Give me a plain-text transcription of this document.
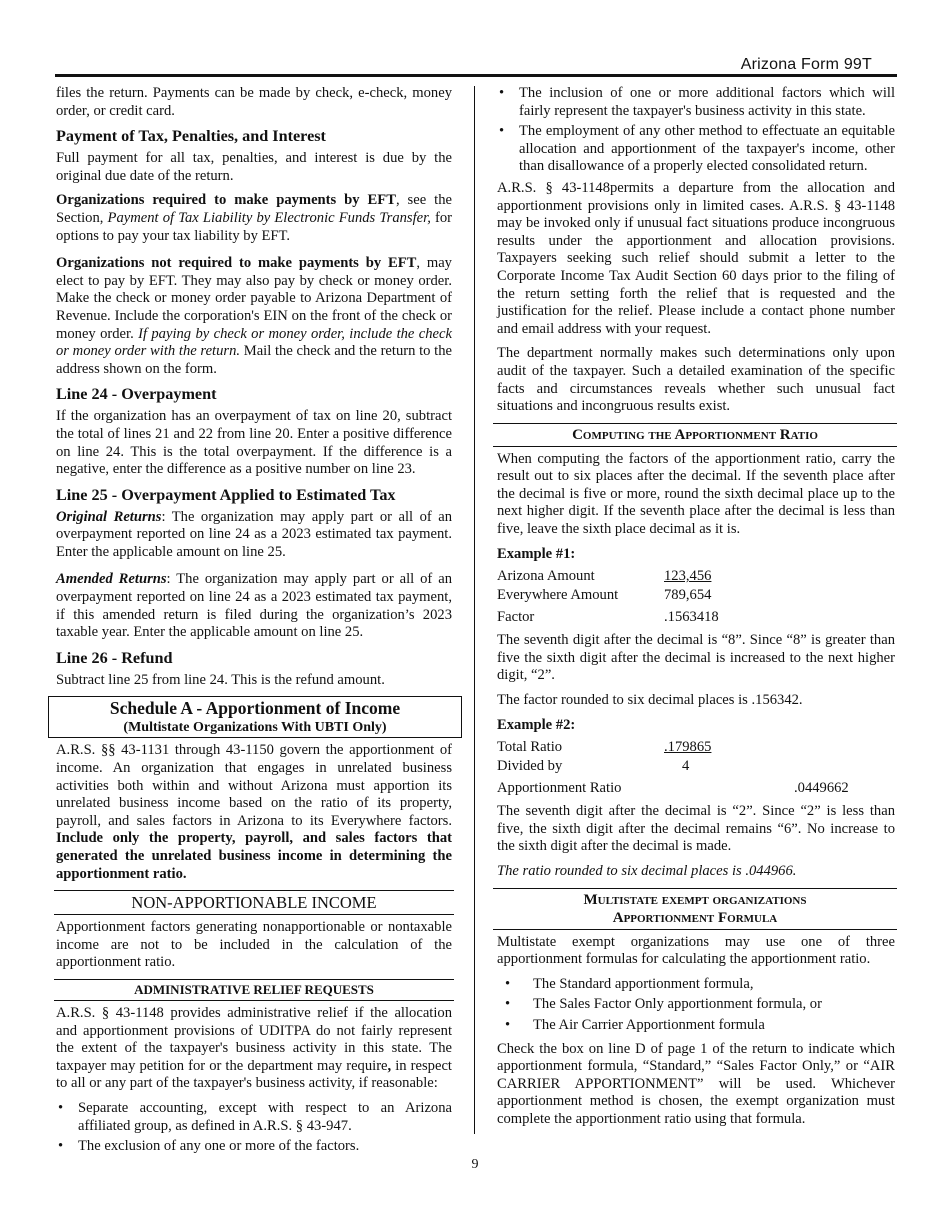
Arizona Form 99T

files the return. Payments can be made by check, e-check, money order, or credit card.

Payment of Tax, Penalties, and Interest

Full payment for all tax, penalties, and interest is due by the original due date of the return.

Organizations required to make payments by EFT, see the Section, Payment of Tax Liability by Electronic Funds Transfer, for options to pay your tax liability by EFT.

Organizations not required to make payments by EFT, may elect to pay by EFT. They may also pay by check or money order. Make the check or money order payable to Arizona Department of Revenue. Include the corporation's EIN on the front of the check or money order. If paying by check or money order, include the check or money order with the return. Mail the check and the return to the address shown on the form.

Line 24 - Overpayment

If the organization has an overpayment of tax on line 20, subtract the total of lines 21 and 22 from line 20. Enter a positive difference on line 24. This is the total overpayment. If the difference is a negative, enter the difference as a positive number on line 23.

Line 25 - Overpayment Applied to Estimated Tax

Original Returns: The organization may apply part or all of an overpayment reported on line 24 as a 2023 estimated tax payment. Enter the applicable amount on line 25.

Amended Returns: The organization may apply part or all of an overpayment reported on line 24 as a 2023 estimated tax payment, if this amended return is filed during the organization’s 2023 taxable year. Enter the applicable amount on line 25.

Line 26 - Refund

Subtract line 25 from line 24. This is the refund amount.

Schedule A - Apportionment of Income
(Multistate Organizations With UBTI Only)

A.R.S. §§ 43-1131 through 43-1150 govern the apportionment of income. An organization that engages in unrelated business activities both within and without Arizona must apportion its unrelated business income based on the ratio of its property, payroll, and sales factors in Arizona to its Everywhere factors. Include only the property, payroll, and sales factors that generated the unrelated business income in determining the apportionment ratio.

NON-APPORTIONABLE INCOME

Apportionment factors generating nonapportionable or nontaxable income are not to be included in the calculation of the apportionment ratio.

ADMINISTRATIVE RELIEF REQUESTS

A.R.S. § 43-1148 provides administrative relief if the allocation and apportionment provisions of UDITPA do not fairly represent the extent of the taxpayer's business activity in this state. The taxpayer may petition for or the department may require, in respect to all or any part of the taxpayer's business activity, if reasonable:

• Separate accounting, except with respect to an Arizona affiliated group, as defined in A.R.S. § 43-947.
• The exclusion of any one or more of the factors.
• The inclusion of one or more additional factors which will fairly represent the taxpayer's business activity in this state.
• The employment of any other method to effectuate an equitable allocation and apportionment of the taxpayer's income, other than disallowance of a properly elected consolidated return.

A.R.S. § 43-1148permits a departure from the allocation and apportionment provisions only in limited cases. A.R.S. § 43-1148 may be invoked only if unusual fact situations produce incongruous results under the apportionment and allocation provisions. Taxpayers seeking such relief should submit a letter to the Corporate Income Tax Audit Section 60 days prior to the filing of the return setting forth the relief that is requested and the justification for the relief. Please include a contact phone number and email address with your request.

The department normally makes such determinations only upon audit of the taxpayer. Such a detailed examination of the specific facts and circumstances reveals whether such unusual fact situations and incongruous results exist.

Computing the Apportionment Ratio

When computing the factors of the apportionment ratio, carry the result out to six places after the decimal. If the seventh place after the decimal is five or more, round the sixth decimal place up to the next higher digit. If the seventh place after the decimal is less than five, leave the sixth place decimal as it is.

Example #1:
Arizona Amount	123,456
Everywhere Amount	789,654
Factor	.1563418

The seventh digit after the decimal is “8”. Since “8” is greater than five the sixth digit after the decimal is increased to the next higher digit, “2”.

The factor rounded to six decimal places is .156342.

Example #2:
Total Ratio	.179865	
Divided by	4	
Apportionment Ratio		.0449662

The seventh digit after the decimal is “2”. Since “2” is less than five, the sixth digit after the decimal remains “6”. No increase to the sixth digit after the decimal is made.

The ratio rounded to six decimal places is .044966.

Multistate exempt organizations
Apportionment Formula

Multistate exempt organizations may use one of three apportionment formulas for calculating the apportionment ratio.

• The Standard apportionment formula,
• The Sales Factor Only apportionment formula, or
• The Air Carrier Apportionment formula

Check the box on line D of page 1 of the return to indicate which apportionment formula, “Standard,” “Sales Factor Only,” or “AIR CARRIER APPORTIONMENT” will be used. Whichever apportionment method is chosen, the exempt organization must complete the apportionment ratio using that formula.

9
